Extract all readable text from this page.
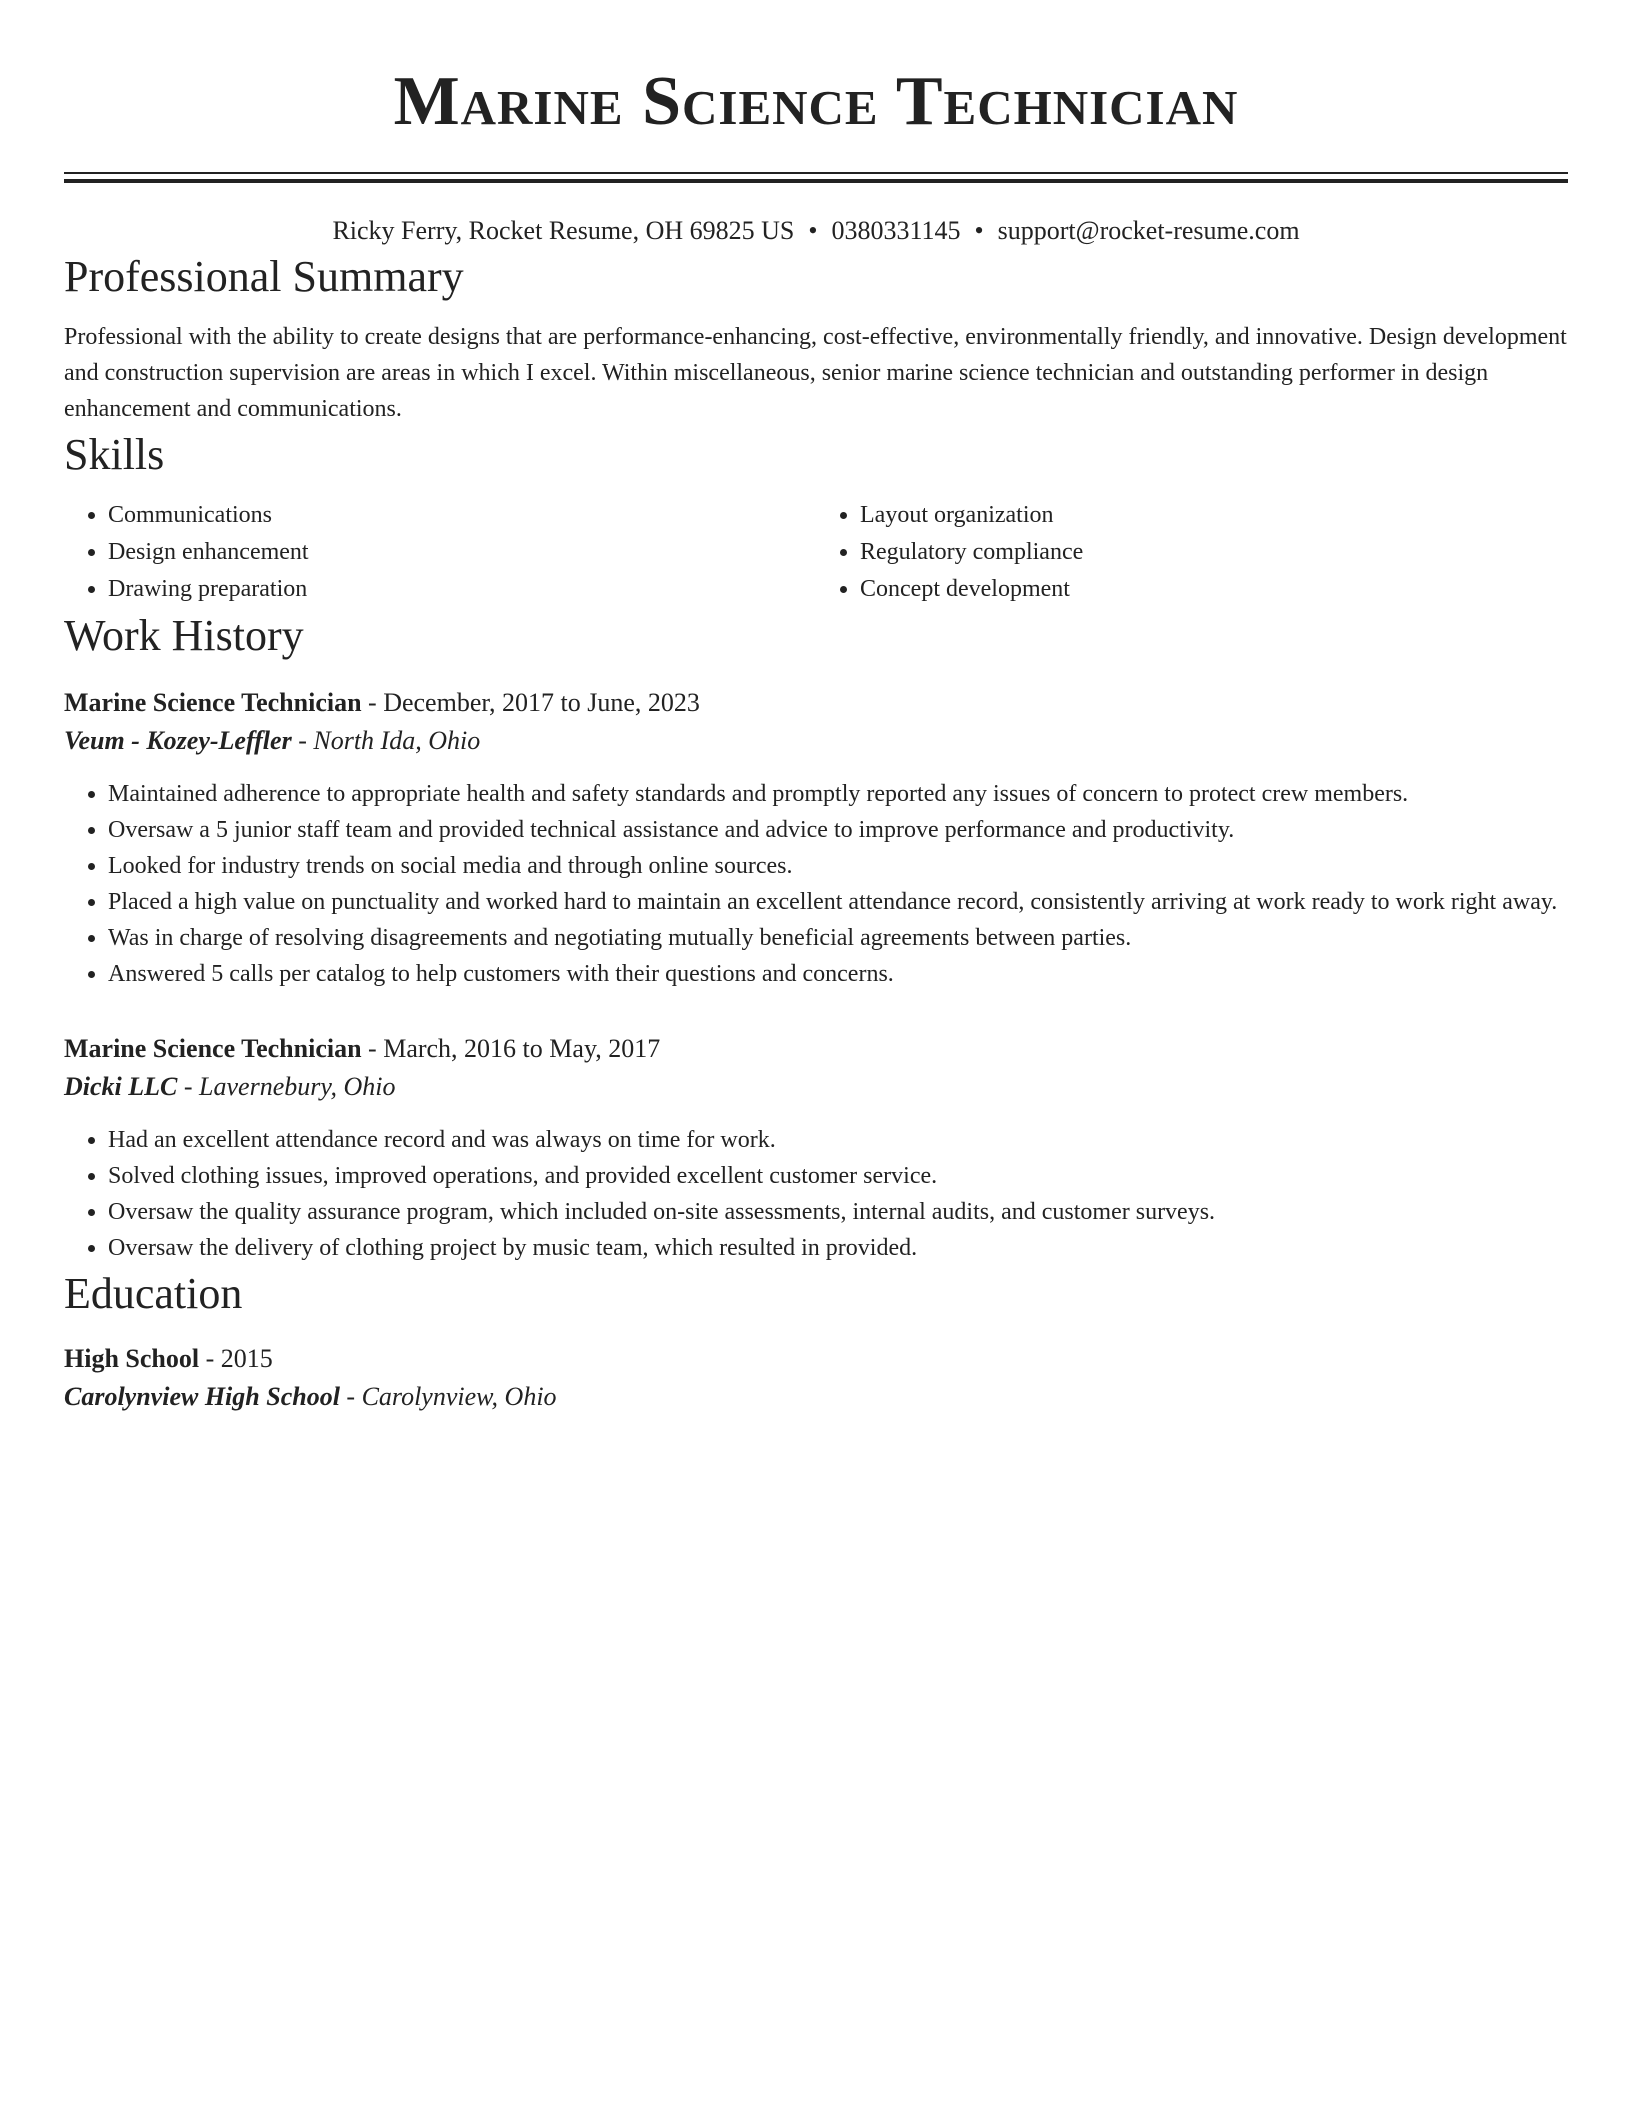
Marine Science Technician
Ricky Ferry, Rocket Resume, OH 69825 US • 0380331145 • support@rocket-resume.com
Professional Summary
Professional with the ability to create designs that are performance-enhancing, cost-effective, environmentally friendly, and innovative. Design development and construction supervision are areas in which I excel. Within miscellaneous, senior marine science technician and outstanding performer in design enhancement and communications.
Skills
• Communications
• Design enhancement
• Drawing preparation
• Layout organization
• Regulatory compliance
• Concept development
Work History
Marine Science Technician - December, 2017 to June, 2023
Veum - Kozey-Leffler - North Ida, Ohio
• Maintained adherence to appropriate health and safety standards and promptly reported any issues of concern to protect crew members.
• Oversaw a 5 junior staff team and provided technical assistance and advice to improve performance and productivity.
• Looked for industry trends on social media and through online sources.
• Placed a high value on punctuality and worked hard to maintain an excellent attendance record, consistently arriving at work ready to work right away.
• Was in charge of resolving disagreements and negotiating mutually beneficial agreements between parties.
• Answered 5 calls per catalog to help customers with their questions and concerns.
Marine Science Technician - March, 2016 to May, 2017
Dicki LLC - Lavernebury, Ohio
• Had an excellent attendance record and was always on time for work.
• Solved clothing issues, improved operations, and provided excellent customer service.
• Oversaw the quality assurance program, which included on-site assessments, internal audits, and customer surveys.
• Oversaw the delivery of clothing project by music team, which resulted in provided.
Education
High School - 2015
Carolynview High School - Carolynview, Ohio
